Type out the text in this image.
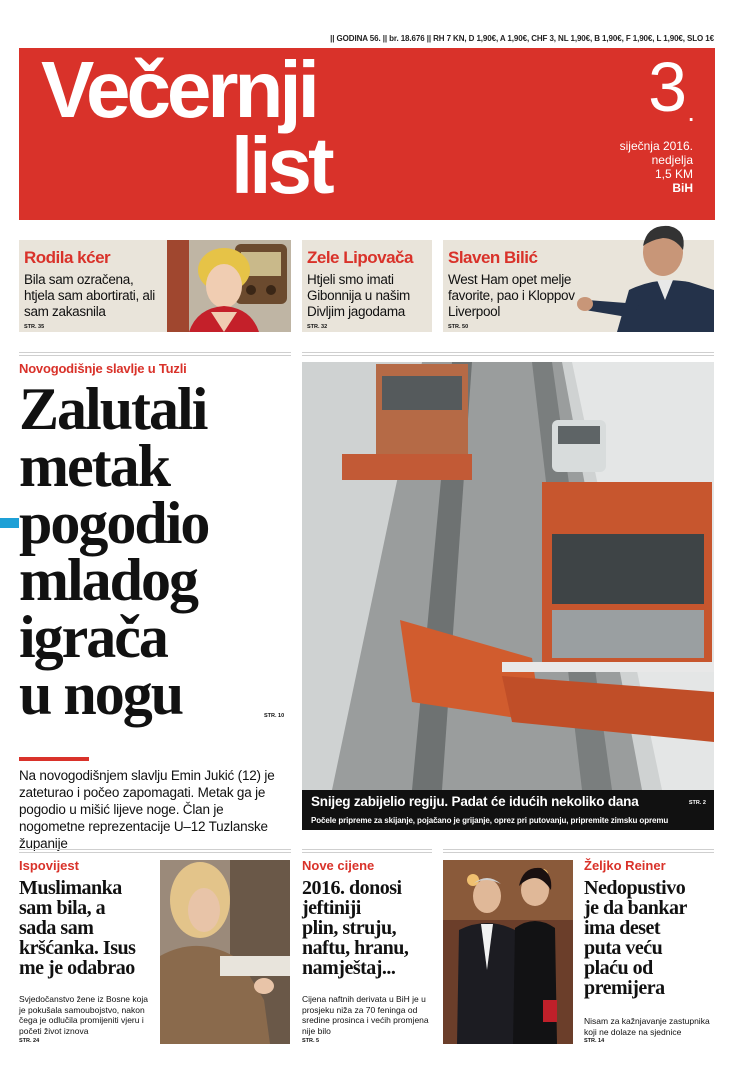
|| GODINA 56. || br. 18.676 || RH 7 KN, D 1,90€, A 1,90€, CHF 3, NL 1,90€, B 1,90€, F 1,90€, L 1,90€, SLO 1€
Večernji
list
3 .
siječnja 2016.
nedjelja
1,5 KM
BiH
Rodila kćer
Bila sam ozračena, htjela sam abortirati, ali sam zakasnila
STR. 35
Zele Lipovača
Htjeli smo imati Gibonnija u našim Divljim jagodama
STR. 32
Slaven Bilić
West Ham opet melje favorite, pao i Kloppov Liverpool
STR. 50
Novogodišnje slavlje u Tuzli
Zalutali
metak
pogodio
mladog
igrača
u nogu	STR. 10
Na novogodišnjem slavlju Emin Jukić (12) je zateturao i počeo zapomagati. Metak ga je pogodio u mišić lijeve noge. Član je nogometne reprezentacije U–12 Tuzlanske županije
Snijeg zabijelio regiju. Padat će idućih nekoliko dana	STR. 2
Počele pripreme za skijanje, pojačano je grijanje, oprez pri putovanju, pripremite zimsku opremu
Ispovijest
Muslimanka
sam bila, a
sada sam
kršćanka. Isus
me je odabrao
Svjedočanstvo žene iz Bosne koja je pokušala samoubojstvo, nakon čega je odlučila promijeniti vjeru i početi život iznova
STR. 24
Nove cijene
2016. donosi
jeftiniji
plin, struju,
naftu, hranu,
namještaj...
Cijena naftnih derivata u BiH je u prosjeku niža za 70 feninga od sredine prosinca i većih promjena nije bilo
STR. 5
Željko Reiner
Nedopustivo
je da bankar
ima deset
puta veću
plaću od
premijera
Nisam za kažnjavanje zastupnika koji ne dolaze na sjednice
STR. 14
